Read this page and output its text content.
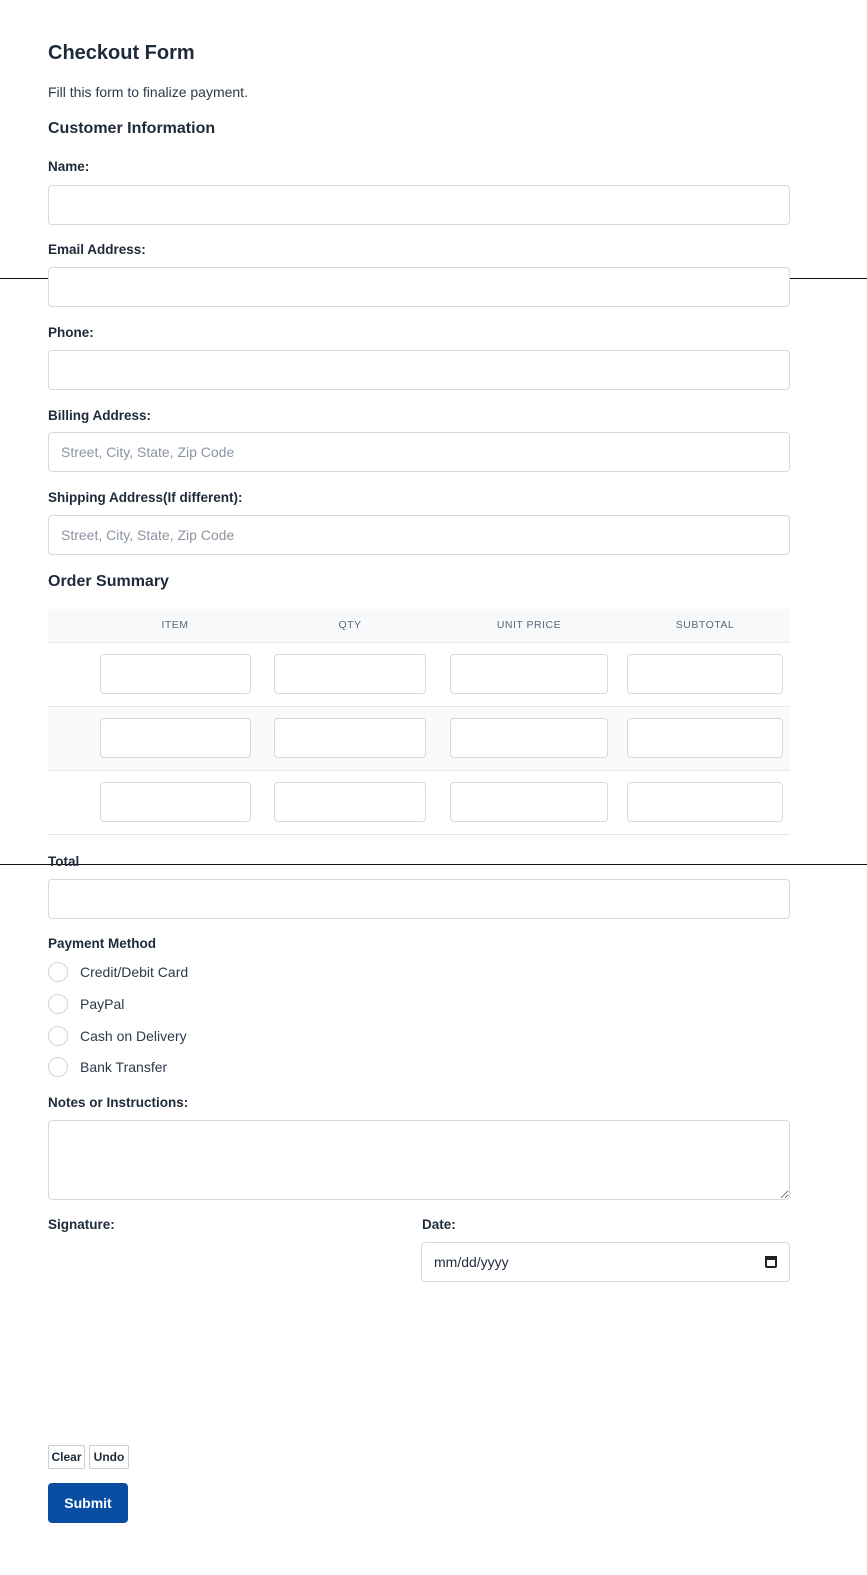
Checkout Form

Fill this form to finalize payment.

Customer Information
Name:
Email Address:
Phone:
Billing Address:
Street, City, State, Zip Code
Shipping Address(If different):
Street, City, State, Zip Code
Order Summary
	ITEM	QTY	UNIT PRICE	SUBTOTAL

Total
Payment Method
Credit/Debit Card
PayPal
Cash on Delivery
Bank Transfer
Notes or Instructions:
Signature:	Date:
mm/dd/yyyy
Clear	Undo
Submit
